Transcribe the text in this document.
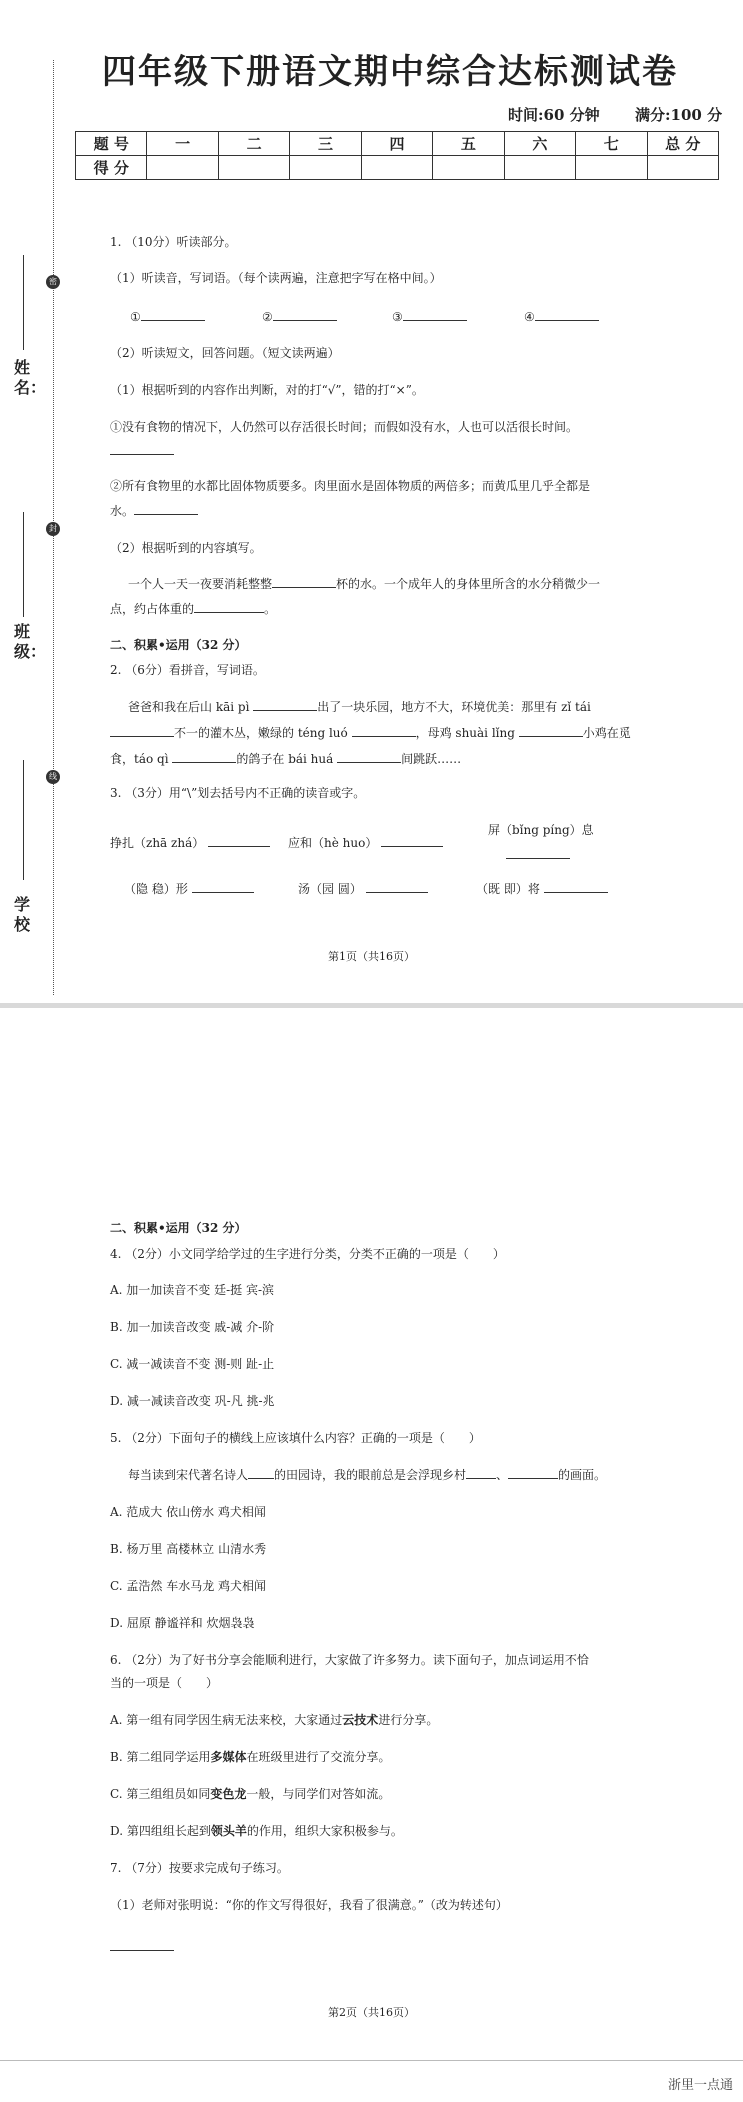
密
封
线
姓名：
班级：
学校
四年级下册语文期中综合达标测试卷
时间:60 分钟 满分:100 分
题 号	一	二	三	四	五	六	七	总 分
得 分								
1. （10分）听读部分。
（1）听读音，写词语。（每个读两遍，注意把字写在格中间。）
①	②	③	④
（2）听读短文，回答问题。（短文读两遍）
（1）根据听到的内容作出判断，对的打“√”，错的打“×”。
①没有食物的情况下，人仍然可以存活很长时间；而假如没有水，人也可以活很长时间。
②所有食物里的水都比固体物质要多。肉里面水是固体物质的两倍多；而黄瓜里几乎全都是
水。
（2）根据听到的内容填写。
一个人一天一夜要消耗整整	杯的水。一个成年人的身体里所含的水分稍微少一
点，约占体重的	。
二、积累•运用（32 分）
2. （6分）看拼音，写词语。
爸爸和我在后山 kāi pì	出了一块乐园，地方不大，环境优美：那里有 zǐ tái
不一的灌木丛，嫩绿的 téng luó	，母鸡 shuài lǐng	小鸡在觅
食，táo qì	的鸽子在 bái huá	间跳跃……
3. （3分）用“\”划去括号内不正确的读音或字。
挣扎（zhā zhá）	应和（hè huo）
屏（bǐng píng）息
（隐 稳）形	汤（园 圆）	（既 即）将
第1页（共16页）
二、积累•运用（32 分）
4. （2分）小文同学给学过的生字进行分类，分类不正确的一项是（　　）
A. 加一加读音不变 廷-挺 宾-滨
B. 加一加读音改变 戚-减 介-阶
C. 减一减读音不变 测-则 趾-止
D. 减一减读音改变 巩-凡 挑-兆
5. （2分）下面句子的横线上应该填什么内容？正确的一项是（　　）
每当读到宋代著名诗人 的田园诗，我的眼前总是会浮现乡村	、	的画面。
A. 范成大 依山傍水 鸡犬相闻
B. 杨万里 高楼林立 山清水秀
C. 孟浩然 车水马龙 鸡犬相闻
D. 屈原 静谧祥和 炊烟袅袅
6. （2分）为了好书分享会能顺利进行，大家做了许多努力。读下面句子，加点词运用不恰
当的一项是（　　）
A. 第一组有同学因生病无法来校，大家通过云技术进行分享。
B. 第二组同学运用多媒体在班级里进行了交流分享。
C. 第三组组员如同变色龙一般，与同学们对答如流。
D. 第四组组长起到领头羊的作用，组织大家积极参与。
7. （7分）按要求完成句子练习。
（1）老师对张明说：“你的作文写得很好，我看了很满意。”（改为转述句）
第2页（共16页）
浙里一点通
